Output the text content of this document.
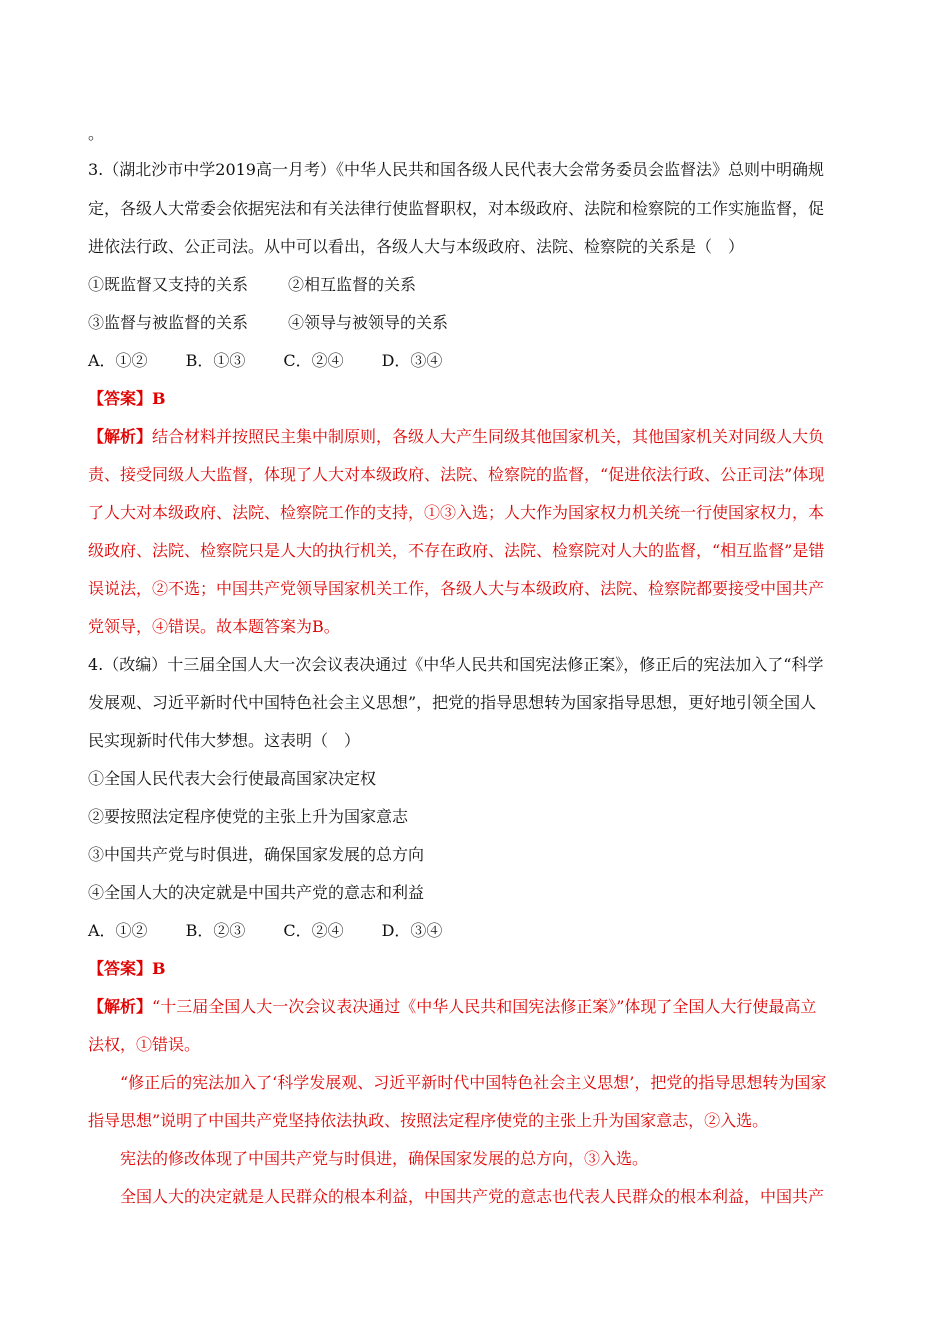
。
3.（湖北沙市中学2019高一月考）《中华人民共和国各级人民代表大会常务委员会监督法》总则中明确规
定，各级人大常委会依据宪法和有关法律行使监督职权，对本级政府、法院和检察院的工作实施监督，促
进依法行政、公正司法。从中可以看出，各级人大与本级政府、法院、检察院的关系是（　）
①既监督又支持的关系 ②相互监督的关系
③监督与被监督的关系 ④领导与被领导的关系
A．①② B．①③ C．②④ D．③④
【答案】B
【解析】结合材料并按照民主集中制原则，各级人大产生同级其他国家机关，其他国家机关对同级人大负
责、接受同级人大监督，体现了人大对本级政府、法院、检察院的监督，“促进依法行政、公正司法”体现
了人大对本级政府、法院、检察院工作的支持，①③入选；人大作为国家权力机关统一行使国家权力，本
级政府、法院、检察院只是人大的执行机关，不存在政府、法院、检察院对人大的监督，“相互监督”是错
误说法，②不选；中国共产党领导国家机关工作，各级人大与本级政府、法院、检察院都要接受中国共产
党领导，④错误。故本题答案为B。
4.（改编）十三届全国人大一次会议表决通过《中华人民共和国宪法修正案》，修正后的宪法加入了“科学
发展观、习近平新时代中国特色社会主义思想”，把党的指导思想转为国家指导思想，更好地引领全国人
民实现新时代伟大梦想。这表明（　）
①全国人民代表大会行使最高国家决定权
②要按照法定程序使党的主张上升为国家意志
③中国共产党与时俱进，确保国家发展的总方向
④全国人大的决定就是中国共产党的意志和利益
A．①② B．②③ C．②④ D．③④
【答案】B
【解析】“十三届全国人大一次会议表决通过《中华人民共和国宪法修正案》”体现了全国人大行使最高立
法权，①错误。
“修正后的宪法加入了‘科学发展观、习近平新时代中国特色社会主义思想’，把党的指导思想转为国家
指导思想”说明了中国共产党坚持依法执政、按照法定程序使党的主张上升为国家意志，②入选。
宪法的修改体现了中国共产党与时俱进，确保国家发展的总方向，③入选。
全国人大的决定就是人民群众的根本利益，中国共产党的意志也代表人民群众的根本利益，中国共产
